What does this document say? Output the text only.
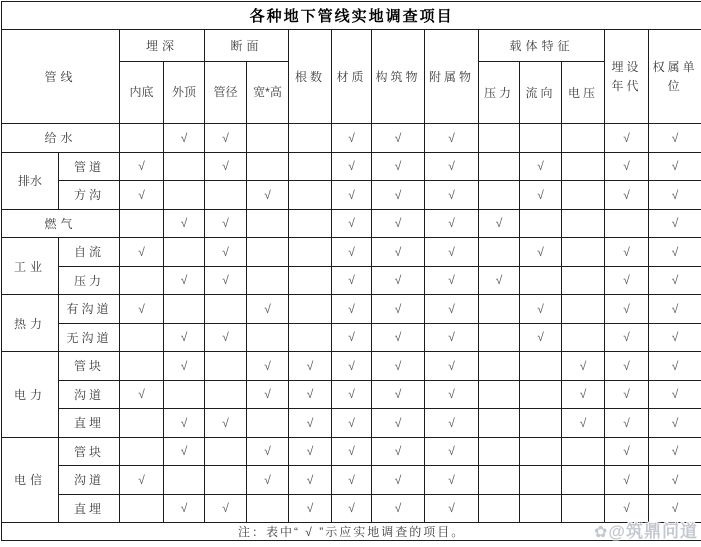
各种地下管线实地调查项目														
管线		埋深		断面		根数	材质	构筑物	附属物	载体特征			埋设年代	权属单位
		内底	外顶	管径	宽*高					压力	流向	电压		
给水			√	√			√	√	√				√	√
排水	管道	√		√			√	√	√		√		√	√
	方沟	√			√		√	√	√		√		√	√
燃气			√	√			√	√	√	√				√
工业	自流	√		√			√	√	√		√		√	√
	压力		√	√			√	√	√	√			√	√
热力	有沟道	√			√		√	√	√		√		√	√
	无沟道		√	√			√	√	√		√		√	√
电力	管块		√		√	√	√	√	√			√	√	√
	沟道	√			√	√	√	√	√			√	√	√
	直埋		√	√		√	√	√	√			√	√	√
电信	管块		√		√	√	√	√	√				√	√
	沟道	√			√	√	√	√	√				√	√
	直埋		√	√		√	√	√	√				√	√
注：表中“ √ ”示应实地调查的项目。															✿@筑鼎问道
